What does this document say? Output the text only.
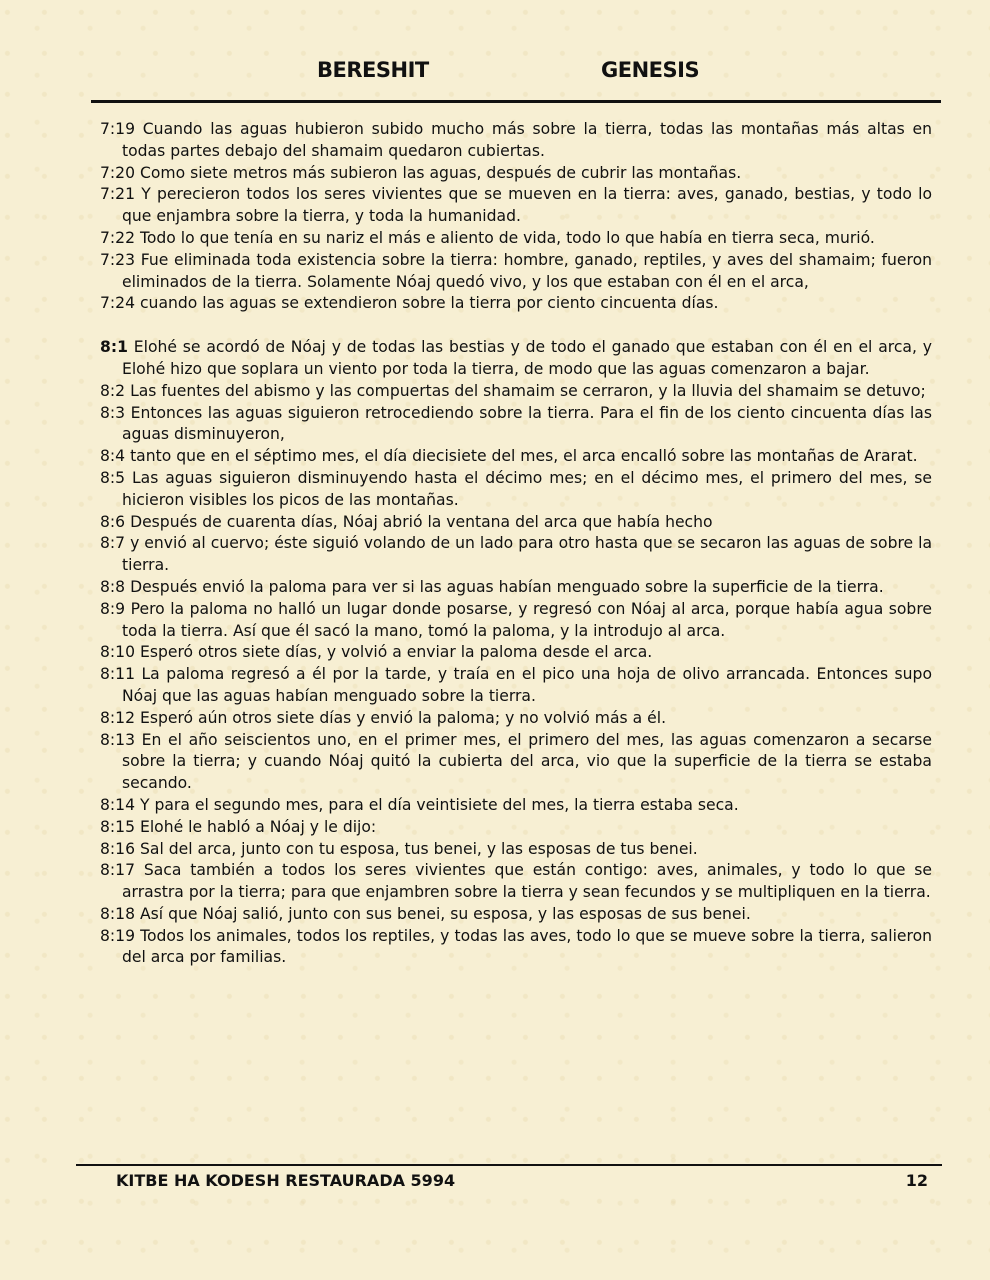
BERESHIT	GENESIS

7:19 Cuando las aguas hubieron subido mucho más sobre la tierra, todas las montañas más altas en todas partes debajo del shamaim quedaron cubiertas.

7:20 Como siete metros más subieron las aguas, después de cubrir las montañas.

7:21 Y perecieron todos los seres vivientes que se mueven en la tierra: aves, ganado, bestias, y todo lo que enjambra sobre la tierra, y toda la humanidad.

7:22 Todo lo que tenía en su nariz el más e aliento de vida, todo lo que había en tierra seca, murió.

7:23 Fue eliminada toda existencia sobre la tierra: hombre, ganado, reptiles, y aves del shamaim; fueron eliminados de la tierra. Solamente Nóaj quedó vivo, y los que estaban con él en el arca,

7:24 cuando las aguas se extendieron sobre la tierra por ciento cincuenta días.

8:1 Elohé se acordó de Nóaj y de todas las bestias y de todo el ganado que estaban con él en el arca, y Elohé hizo que soplara un viento por toda la tierra, de modo que las aguas comenzaron a bajar.

8:2 Las fuentes del abismo y las compuertas del shamaim se cerraron, y la lluvia del shamaim se detuvo;

8:3 Entonces las aguas siguieron retrocediendo sobre la tierra. Para el fin de los ciento cincuenta días las aguas disminuyeron,

8:4 tanto que en el séptimo mes, el día diecisiete del mes, el arca encalló sobre las montañas de Ararat.

8:5 Las aguas siguieron disminuyendo hasta el décimo mes; en el décimo mes, el primero del mes, se hicieron visibles los picos de las montañas.

8:6 Después de cuarenta días, Nóaj abrió la ventana del arca que había hecho

8:7 y envió al cuervo; éste siguió volando de un lado para otro hasta que se secaron las aguas de sobre la tierra.

8:8 Después envió la paloma para ver si las aguas habían menguado sobre la superficie de la tierra.

8:9 Pero la paloma no halló un lugar donde posarse, y regresó con Nóaj al arca, porque había agua sobre toda la tierra. Así que él sacó la mano, tomó la paloma, y la introdujo al arca.

8:10 Esperó otros siete días, y volvió a enviar la paloma desde el arca.

8:11 La paloma regresó a él por la tarde, y traía en el pico una hoja de olivo arrancada. Entonces supo Nóaj que las aguas habían menguado sobre la tierra.

8:12 Esperó aún otros siete días y envió la paloma; y no volvió más a él.

8:13 En el año seiscientos uno, en el primer mes, el primero del mes, las aguas comenzaron a secarse sobre la tierra; y cuando Nóaj quitó la cubierta del arca, vio que la superficie de la tierra se estaba secando.

8:14 Y para el segundo mes, para el día veintisiete del mes, la tierra estaba seca.

8:15 Elohé le habló a Nóaj y le dijo:

8:16 Sal del arca, junto con tu esposa, tus benei, y las esposas de tus benei.

8:17 Saca también a todos los seres vivientes que están contigo: aves, animales, y todo lo que se arrastra por la tierra; para que enjambren sobre la tierra y sean fecundos y se multipliquen en la tierra.

8:18 Así que Nóaj salió, junto con sus benei, su esposa, y las esposas de sus benei.

8:19 Todos los animales, todos los reptiles, y todas las aves, todo lo que se mueve sobre la tierra, salieron del arca por familias.

KITBE HA KODESH RESTAURADA 5994	12
